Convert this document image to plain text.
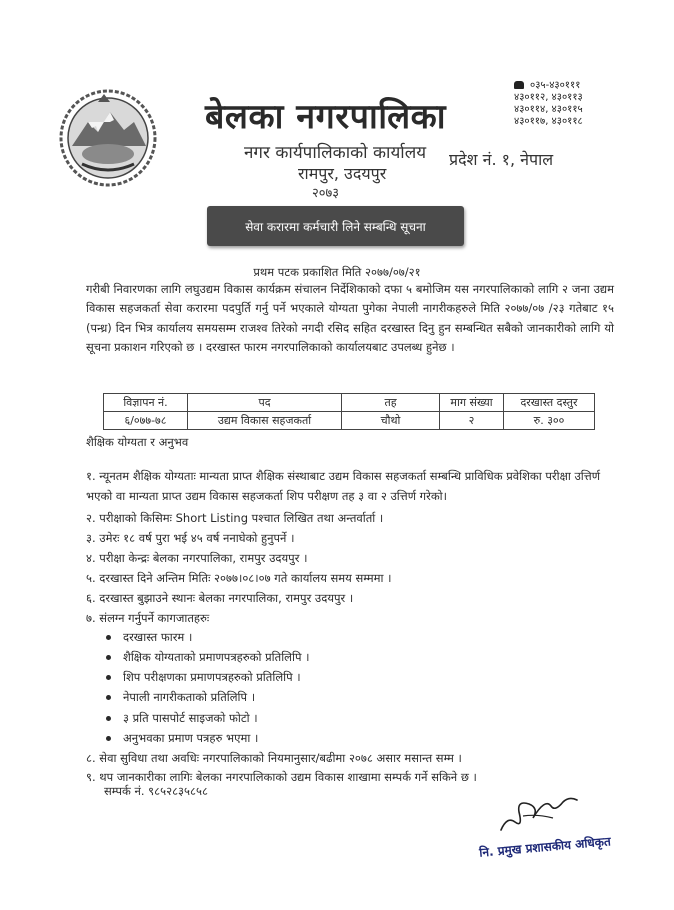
बेलका नगरपालिका
नगर कार्यपालिकाको कार्यालय
रामपुर, उदयपुर
२०७३
प्रदेश नं. १, नेपाल
०३५-४३०१११
४३०११२, ४३०११३
४३०११४, ४३०११५
४३०११७, ४३०११८
सेवा करारमा कर्मचारी लिने सम्बन्धि सूचना
प्रथम पटक प्रकाशित मिति २०७७/०७/२१
गरीबी निवारणका लागि लघुउद्यम विकास कार्यक्रम संचालन निर्देशिकाको दफा ५ बमोजिम यस नगरपालिकाको लागि २ जना उद्यम विकास सहजकर्ता सेवा करारमा पदपुर्ति गर्नु पर्ने भएकाले योग्यता पुगेका नेपाली नागरीकहरुले मिति २०७७/०७ /२३ गतेबाट १५ (पन्ध्र) दिन भित्र कार्यालय समयसम्म राजश्व तिरेको नगदी रसिद सहित दरखास्त दिनु हुन सम्बन्धित सबैको जानकारीको लागि यो सूचना प्रकाशन गरिएको छ । दरखास्त फारम नगरपालिकाको कार्यालयबाट उपलब्ध हुनेछ ।
विज्ञापन नं.	पद	तह	माग संख्या	दरखास्त दस्तुर
६/०७७-७८	उद्यम विकास सहजकर्ता	चौथो	२	रु. ३००
शैक्षिक योग्यता र अनुभव
१. न्यूनतम शैक्षिक योग्यताः मान्यता प्राप्त शैक्षिक संस्थाबाट उद्यम विकास सहजकर्ता सम्बन्धि प्राविधिक प्रवेशिका परीक्षा उत्तिर्ण भएको वा मान्यता प्राप्त उद्यम विकास सहजकर्ता शिप परीक्षण तह ३ वा २ उत्तिर्ण गरेको।
२. परीक्षाको किसिमः Short Listing पश्चात लिखित तथा अन्तर्वार्ता ।
३. उमेरः १८ वर्ष पुरा भई ४५ वर्ष ननाघेको हुनुपर्ने ।
४. परीक्षा केन्द्रः बेलका नगरपालिका, रामपुर उदयपुर ।
५. दरखास्त दिने अन्तिम मितिः २०७७।०८।०७ गते कार्यालय समय सम्ममा ।
६. दरखास्त बुझाउने स्थानः बेलका नगरपालिका, रामपुर उदयपुर ।
७. संलग्न गर्नुपर्ने कागजातहरुः
दरखास्त फारम ।
शैक्षिक योग्यताको प्रमाणपत्रहरुको प्रतिलिपि ।
शिप परीक्षणका प्रमाणपत्रहरुको प्रतिलिपि ।
नेपाली नागरीकताको प्रतिलिपि ।
३ प्रति पासपोर्ट साइजको फोटो ।
अनुभवका प्रमाण पत्रहरु भएमा ।
८. सेवा सुविधा तथा अवधिः नगरपालिकाको नियमानुसार/बढीमा २०७८ असार मसान्त सम्म ।
९. थप जानकारीका लागिः बेलका नगरपालिकाको उद्यम विकास शाखामा सम्पर्क गर्ने सकिने छ ।
सम्पर्क नं. ९८५२८३५८५८
नि. प्रमुख प्रशासकीय अधिकृत
